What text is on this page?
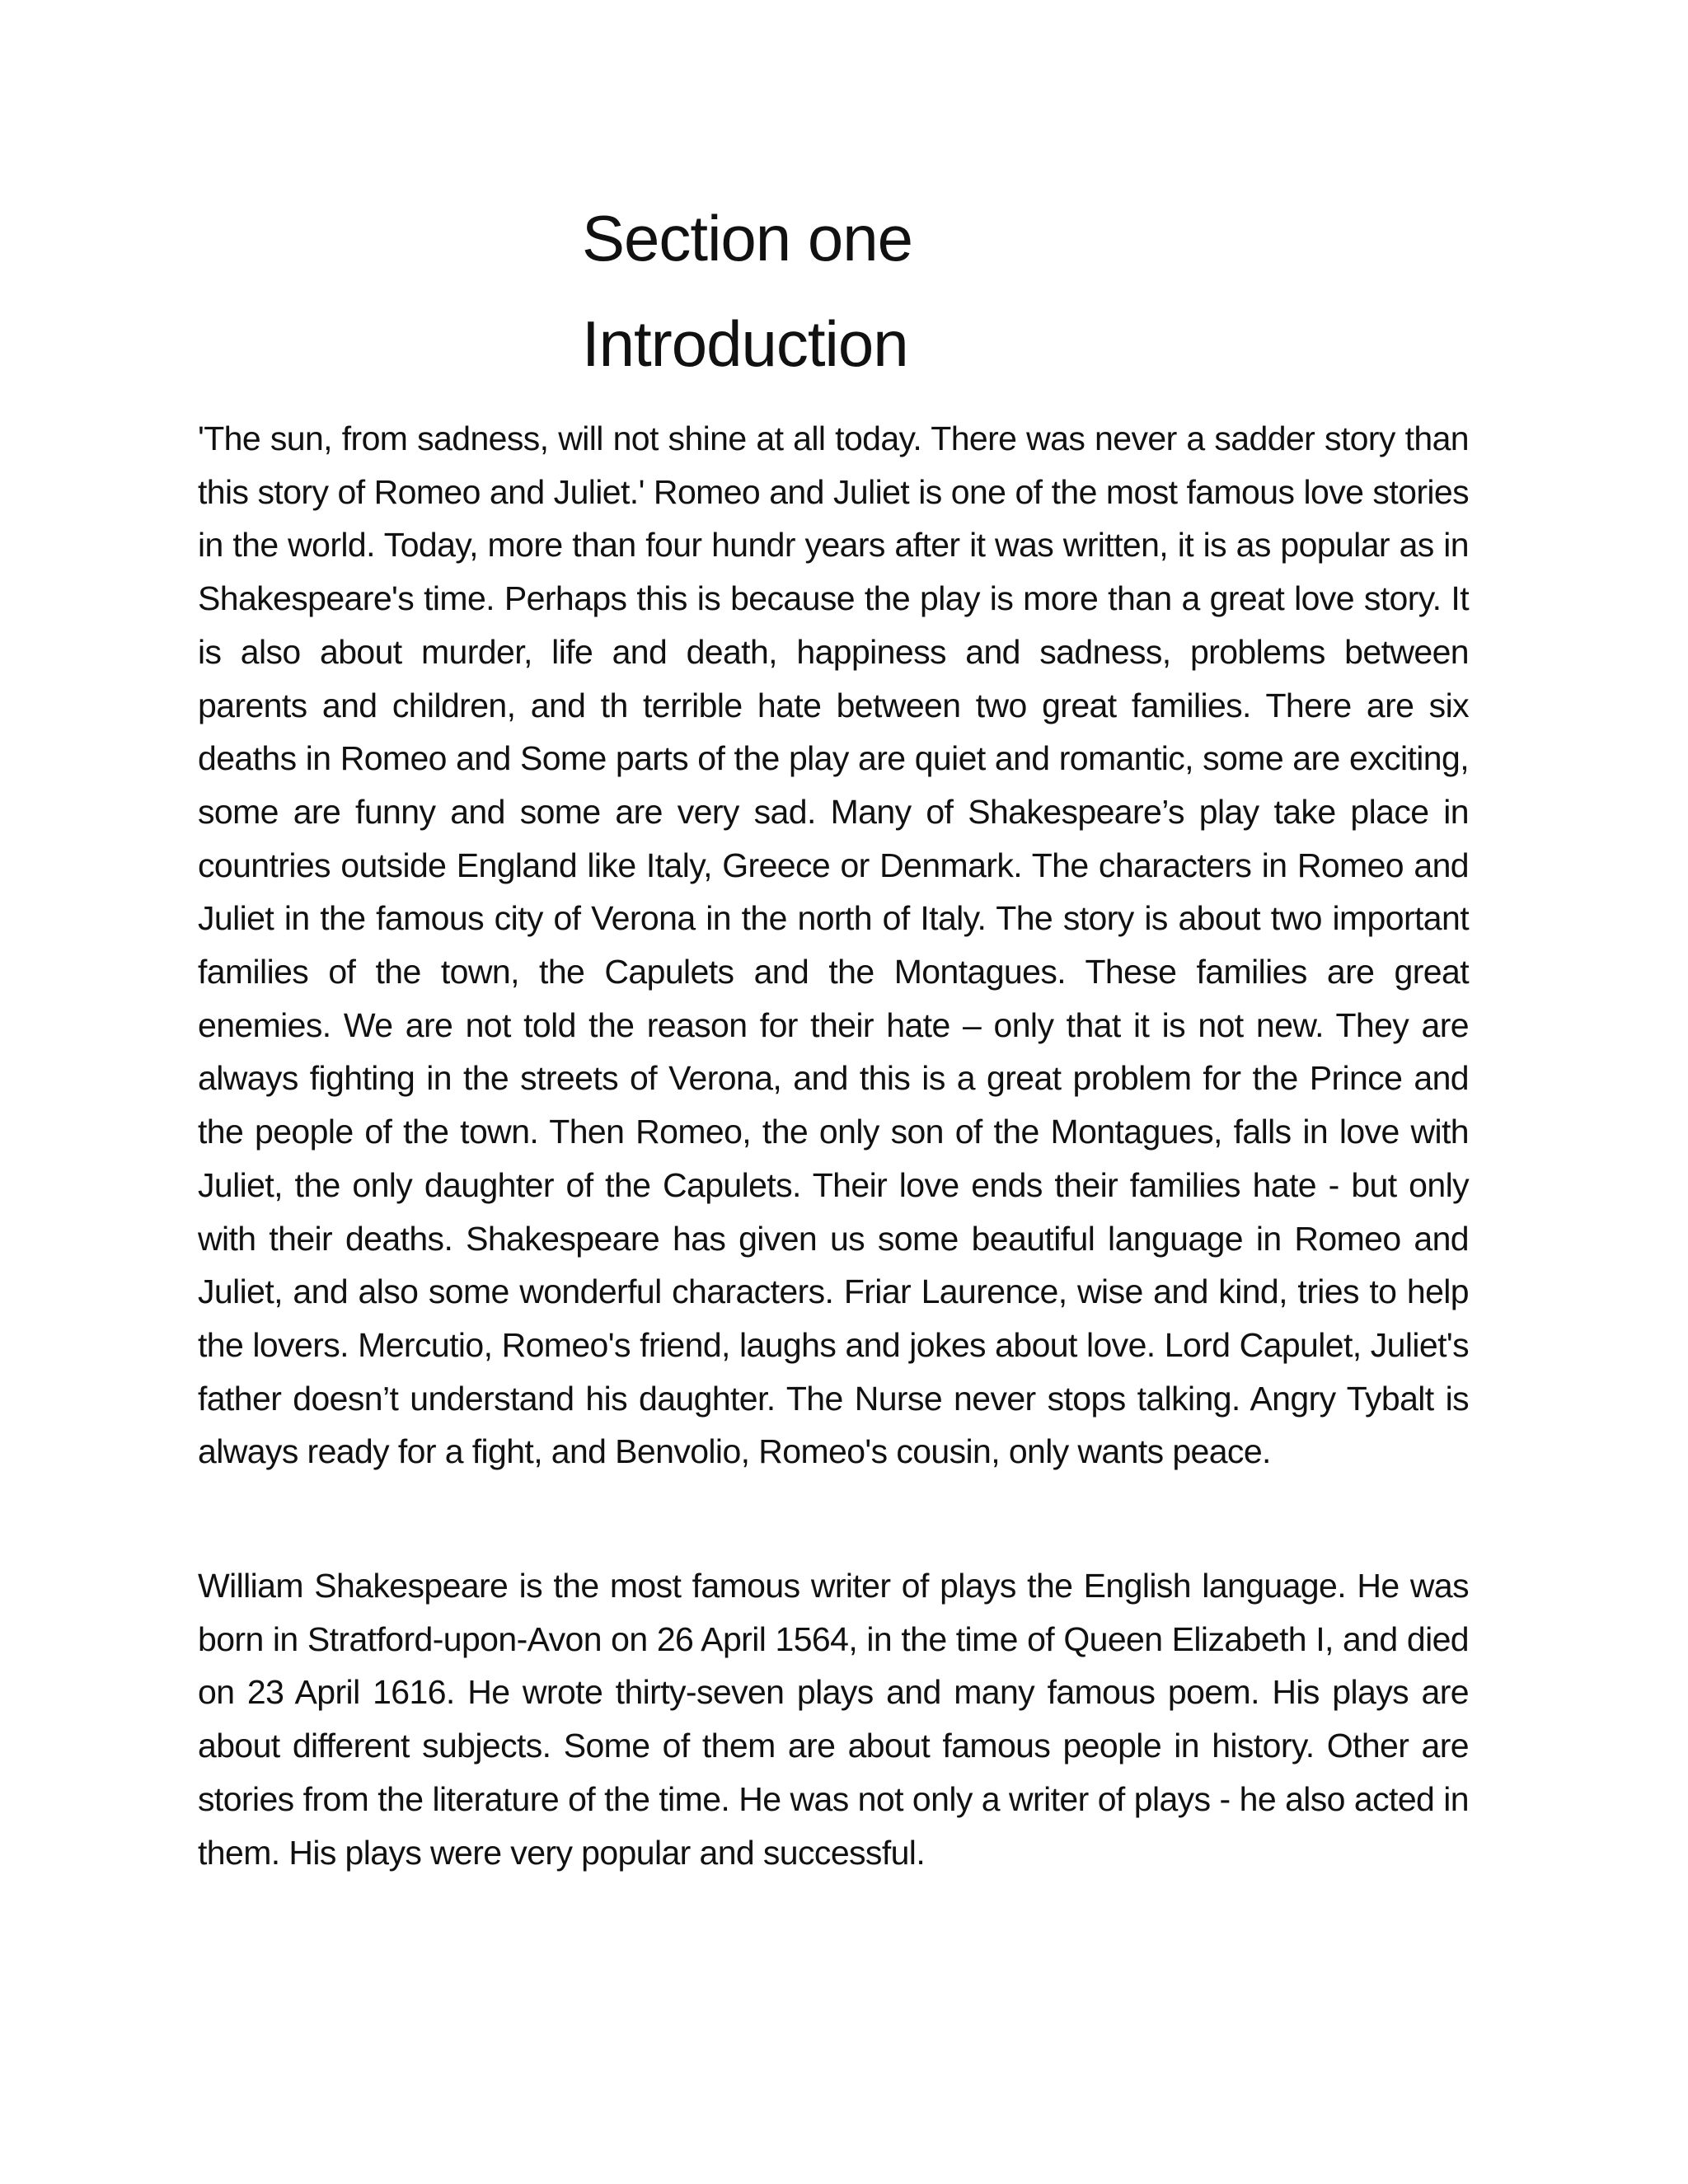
Section one
Introduction

'The sun, from sadness, will not shine at all today. There was never a sadder story than this story of Romeo and Juliet.' Romeo and Juliet is one of the most famous love stories in the world. Today, more than four hundr years after it was written, it is as popular as in Shakespeare's time. Perhaps this is because the play is more than a great love story. It is also about murder, life and death, happiness and sadness, problems between parents and children, and th terrible hate between two great families. There are six deaths in Romeo and Some parts of the play are quiet and romantic, some are exciting, some are funny and some are very sad. Many of Shakespeare’s play take place in countries outside England like Italy, Greece or Denmark. The characters in Romeo and Juliet in the famous city of Verona in the north of Italy. The story is about two important families of the town, the Capulets and the Montagues. These families are great enemies. We are not told the reason for their hate – only that it is not new. They are always fighting in the streets of Verona, and this is a great problem for the Prince and the people of the town. Then Romeo, the only son of the Montagues, falls in love with Juliet, the only daughter of the Capulets. Their love ends their families hate - but only with their deaths. Shakespeare has given us some beautiful language in Romeo and Juliet, and also some wonderful characters. Friar Laurence, wise and kind, tries to help the lovers. Mercutio, Romeo's friend, laughs and jokes about love. Lord Capulet, Juliet's father doesn’t understand his daughter. The Nurse never stops talking. Angry Tybalt is always ready for a fight, and Benvolio, Romeo's cousin, only wants peace.

William Shakespeare is the most famous writer of plays the English language. He was born in Stratford-upon-Avon on 26 April 1564, in the time of Queen Elizabeth I, and died on 23 April 1616. He wrote thirty-seven plays and many famous poem. His plays are about different subjects. Some of them are about famous people in history. Other are stories from the literature of the time. He was not only a writer of plays - he also acted in them. His plays were very popular and successful.
